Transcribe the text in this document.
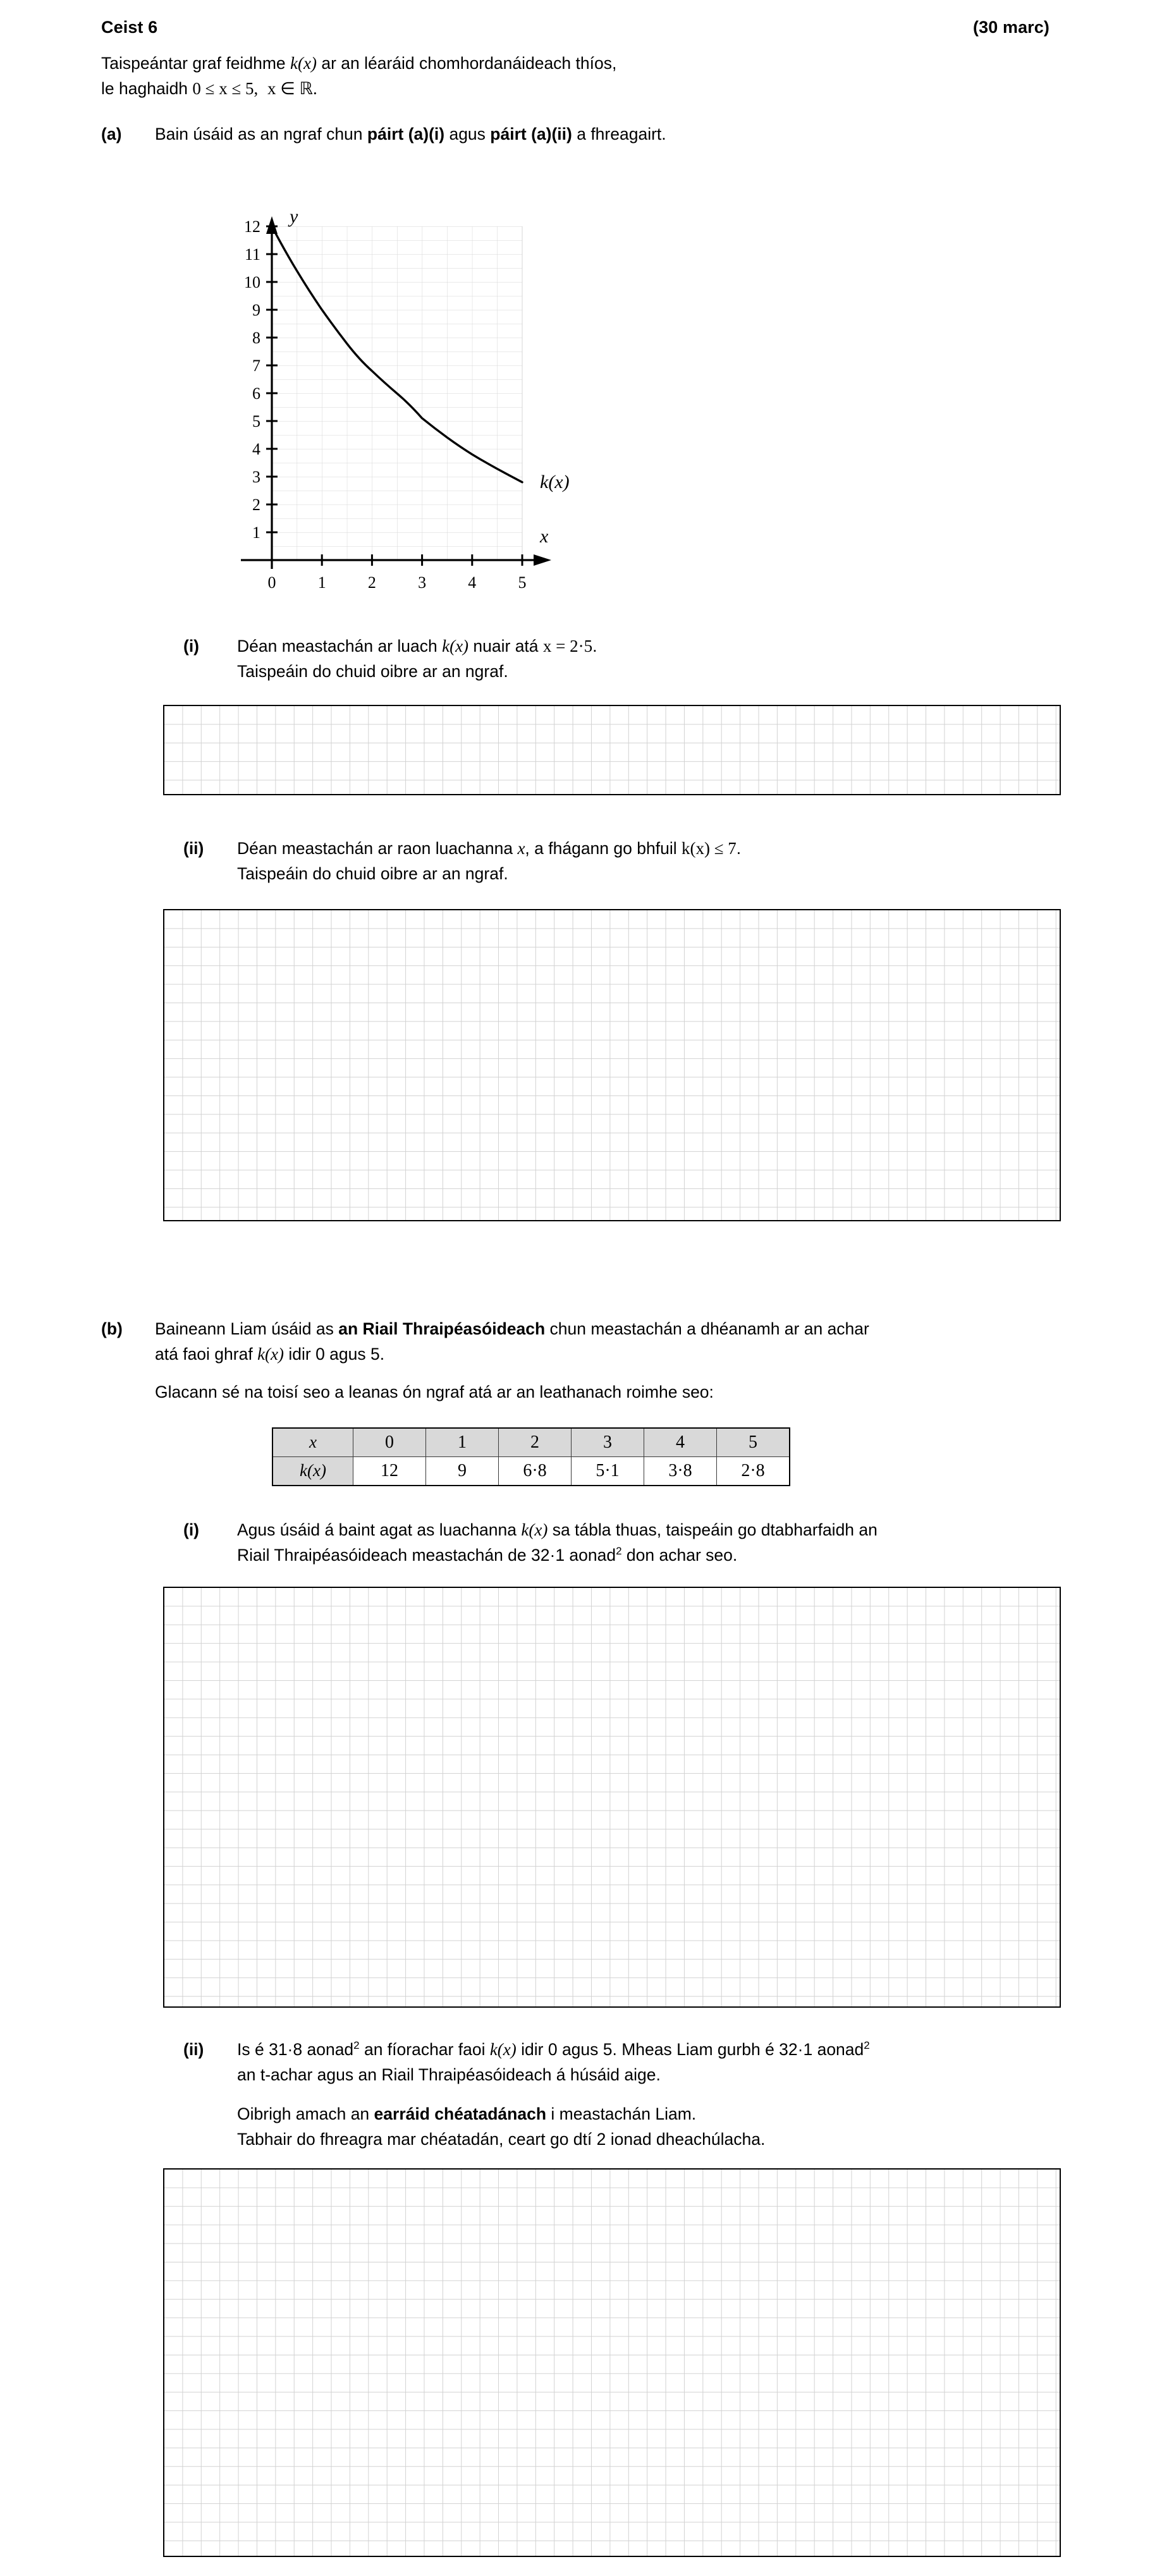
Ceist 6	(30 marc)
Taispeántar graf feidhme k(x) ar an léaráid chomhordanáideach thíos,
le haghaidh 0 ≤ x ≤ 5, x ∈ ℝ.
(a)	Bain úsáid as an ngraf chun páirt (a)(i) agus páirt (a)(ii) a fhreagairt.
1
2
3
4
5
6
7
8
9
10
11
12
0	1	2	3	4	5
y
x
k(x)
(i)	Déan meastachán ar luach k(x) nuair atá x = 2·5.
Taispeáin do chuid oibre ar an ngraf.
(ii)	Déan meastachán ar raon luachanna x, a fhágann go bhfuil k(x) ≤ 7.
Taispeáin do chuid oibre ar an ngraf.
(b)	Baineann Liam úsáid as an Riail Thraipéasóideach chun meastachán a dhéanamh ar an achar
atá faoi ghraf k(x) idir 0 agus 5.
Glacann sé na toisí seo a leanas ón ngraf atá ar an leathanach roimhe seo:
x	0	1	2	3	4	5
k(x)	12	9	6·8	5·1	3·8	2·8
(i)	Agus úsáid á baint agat as luachanna k(x) sa tábla thuas, taispeáin go dtabharfaidh an
Riail Thraipéasóideach meastachán de 32·1 aonad$^2$ don achar seo.
(ii)	Is é 31·8 aonad$^2$ an fíorachar faoi k(x) idir 0 agus 5. Mheas Liam gurbh é 32·1 aonad$^2$
an t-achar agus an Riail Thraipéasóideach á húsáid aige.
Oibrigh amach an earráid chéatadánach i meastachán Liam.
Tabhair do fhreagra mar chéatadán, ceart go dtí 2 ionad dheachúlacha.
